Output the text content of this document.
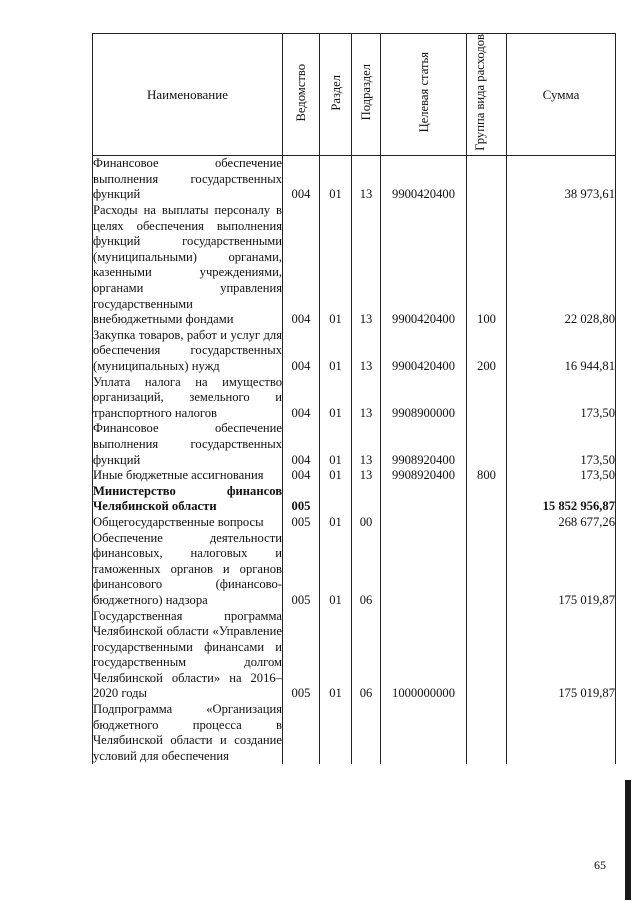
Наименование	Ведомство	Раздел	Подраздел	Целевая статья	Группа вида расходов	Сумма
Финансовое обеспечение выполнения государственных функций	004	01	13	9900420400		38 973,61
Расходы на выплаты персоналу в целях обеспечения выполнения функций государственными (муниципальными) органами, казенными учреждениями, органами управления государственными внебюджетными фондами	004	01	13	9900420400	100	22 028,80
Закупка товаров, работ и услуг для обеспечения государственных (муниципальных) нужд	004	01	13	9900420400	200	16 944,81
Уплата налога на имущество организаций, земельного и транспортного налогов	004	01	13	9908900000		173,50
Финансовое обеспечение выполнения государственных функций	004	01	13	9908920400		173,50
Иные бюджетные ассигнования	004	01	13	9908920400	800	173,50
Министерство финансов Челябинской области	005					15 852 956,87
Общегосударственные вопросы	005	01	00			268 677,26
Обеспечение деятельности финансовых, налоговых и таможенных органов и органов финансового (финансово-бюджетного) надзора	005	01	06			175 019,87
Государственная программа Челябинской области «Управление государственными финансами и государственным долгом Челябинской области» на 2016–2020 годы	005	01	06	1000000000		175 019,87
Подпрограмма «Организация бюджетного процесса в Челябинской области и создание условий для обеспечения						
65
